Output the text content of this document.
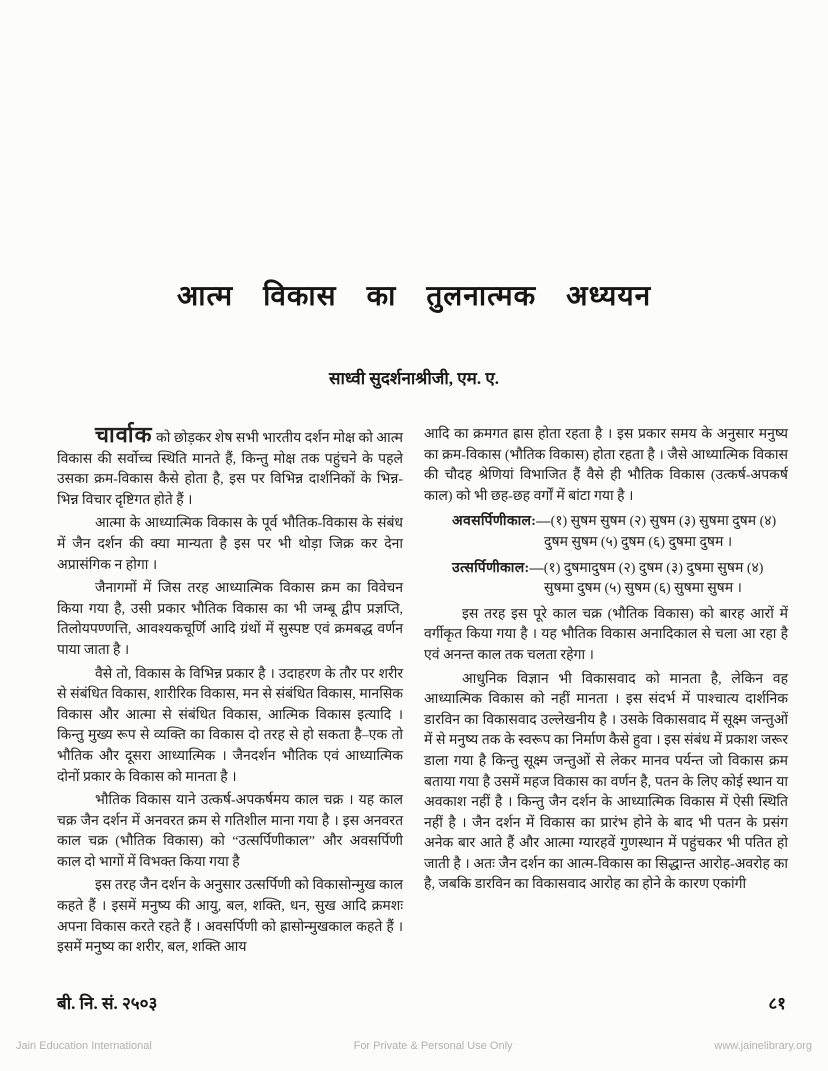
आत्म विकास का तुलनात्मक अध्ययन
साध्वी सुदर्शनाश्रीजी, एम. ए.

चार्वाक को छोड़कर शेष सभी भारतीय दर्शन मोक्ष को आत्म विकास की सर्वोच्च स्थिति मानते हैं, किन्तु मोक्ष तक पहुंचने के पहले उसका क्रम-विकास कैसे होता है, इस पर विभिन्न दार्शनिकों के भिन्न-भिन्न विचार दृष्टिगत होते हैं ।

आत्मा के आध्यात्मिक विकास के पूर्व भौतिक-विकास के संबंध में जैन दर्शन की क्या मान्यता है इस पर भी थोड़ा जिक्र कर देना अप्रासंगिक न होगा ।

जैनागमों में जिस तरह आध्यात्मिक विकास क्रम का विवेचन किया गया है, उसी प्रकार भौतिक विकास का भी जम्बू द्वीप प्रज्ञप्ति, तिलोयपण्णत्ति, आवश्यकचूर्णि आदि ग्रंथों में सुस्पष्ट एवं क्रमबद्ध वर्णन पाया जाता है ।

वैसे तो, विकास के विभिन्न प्रकार है । उदाहरण के तौर पर शरीर से संबंधित विकास, शारीरिक विकास, मन से संबंधित विकास, मानसिक विकास और आत्मा से संबंधित विकास, आत्मिक विकास इत्यादि । किन्तु मुख्य रूप से व्यक्ति का विकास दो तरह से हो सकता है–एक तो भौतिक और दूसरा आध्यात्मिक । जैनदर्शन भौतिक एवं आध्यात्मिक दोनों प्रकार के विकास को मानता है ।

भौतिक विकास याने उत्कर्ष-अपकर्षमय काल चक्र । यह काल चक्र जैन दर्शन में अनवरत क्रम से गतिशील माना गया है । इस अनवरत काल चक्र (भौतिक विकास) को “उत्सर्पिणीकाल” और अवसर्पिणी काल दो भागों में विभक्त किया गया है

इस तरह जैन दर्शन के अनुसार उत्सर्पिणी को विकासोन्मुख काल कहते हैं । इसमें मनुष्य की आयु, बल, शक्ति, धन, सुख आदि क्रमशः अपना विकास करते रहते हैं । अवसर्पिणी को ह्रासोन्मुखकाल कहते हैं । इसमें मनुष्य का शरीर, बल, शक्ति आय

आदि का क्रमगत ह्रास होता रहता है । इस प्रकार समय के अनुसार मनुष्य का क्रम-विकास (भौतिक विकास) होता रहता है । जैसे आध्यात्मिक विकास की चौदह श्रेणियां विभाजित हैं वैसे ही भौतिक विकास (उत्कर्ष-अपकर्ष काल) को भी छह-छह वर्गों में बांटा गया है ।

अवसर्पिणीकाल:—(१) सुषम सुषम (२) सुषम (३) सुषमा दुषम (४) दुषम सुषम (५) दुषम (६) दुषमा दुषम ।
उत्सर्पिणीकाल:—(१) दुषमादुषम (२) दुषम (३) दुषमा सुषम (४) सुषमा दुषम (५) सुषम (६) सुषमा सुषम ।

इस तरह इस पूरे काल चक्र (भौतिक विकास) को बारह आरों में वर्गीकृत किया गया है । यह भौतिक विकास अनादिकाल से चला आ रहा है एवं अनन्त काल तक चलता रहेगा ।

आधुनिक विज्ञान भी विकासवाद को मानता है, लेकिन वह आध्यात्मिक विकास को नहीं मानता । इस संदर्भ में पाश्चात्य दार्शनिक डारविन का विकासवाद उल्लेखनीय है । उसके विकासवाद में सूक्ष्म जन्तुओं में से मनुष्य तक के स्वरूप का निर्माण कैसे हुवा । इस संबंध में प्रकाश जरूर डाला गया है किन्तु सूक्ष्म जन्तुओं से लेकर मानव पर्यन्त जो विकास क्रम बताया गया है उसमें महज विकास का वर्णन है, पतन के लिए कोई स्थान या अवकाश नहीं है । किन्तु जैन दर्शन के आध्यात्मिक विकास में ऐसी स्थिति नहीं है । जैन दर्शन में विकास का प्रारंभ होने के बाद भी पतन के प्रसंग अनेक बार आते हैं और आत्मा ग्यारहवें गुणस्थान में पहुंचकर भी पतित हो जाती है । अतः जैन दर्शन का आत्म-विकास का सिद्धान्त आरोह-अवरोह का है, जबकि डारविन का विकासवाद आरोह का होने के कारण एकांगी

बी. नि. सं. २५०३	८१
Jain Education International	For Private & Personal Use Only	www.jainelibrary.org
